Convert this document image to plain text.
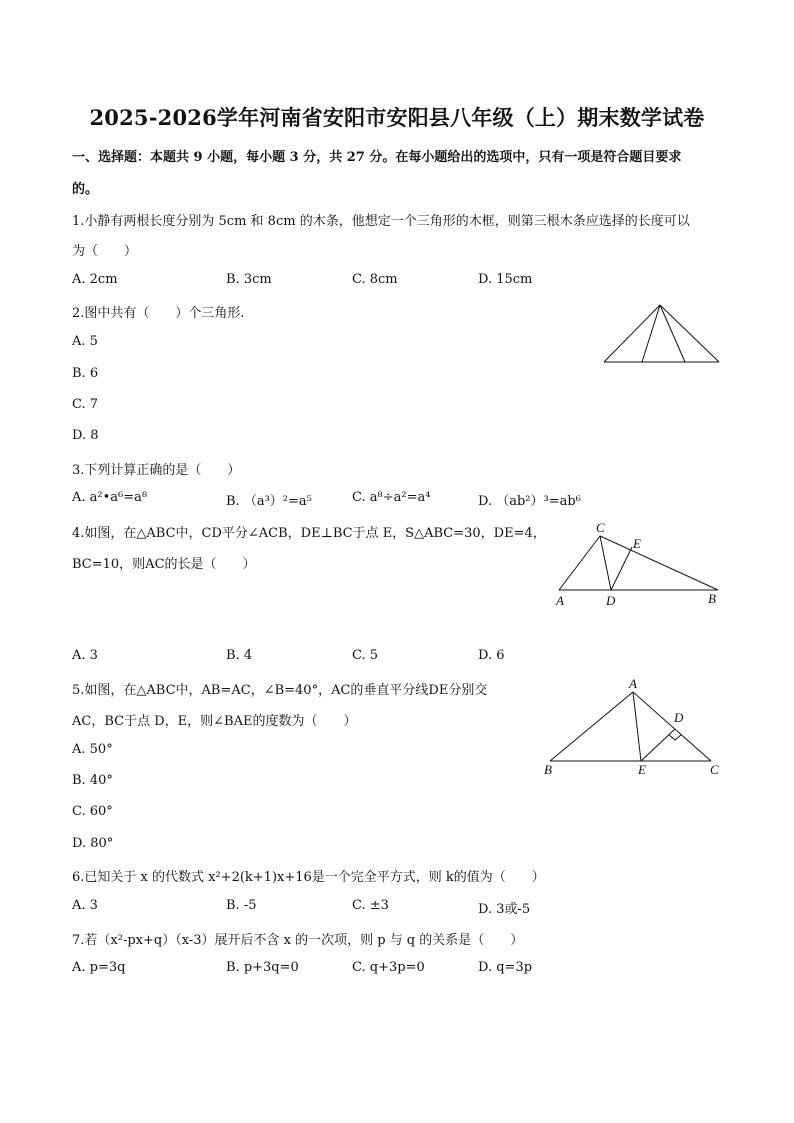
2025-2026学年河南省安阳市安阳县八年级（上）期末数学试卷
一、选择题：本题共 9 小题，每小题 3 分，共 27 分。在每小题给出的选项中，只有一项是符合题目要求
的。
1.小静有两根长度分别为 5cm 和 8cm 的木条，他想定一个三角形的木框，则第三根木条应选择的长度可以
为（　　）
A. 2cm	B. 3cm	C. 8cm	D. 15cm
2.图中共有（　　）个三角形.
A. 5
B. 6
C. 7
D. 8
3.下列计算正确的是（　　）
A. a²•a⁶=a⁸	B. （a³）²=a⁵	C. a⁸÷a²=a⁴	D. （ab²）³=ab⁶
4.如图，在△ABC中，CD平分∠ACB，DE⊥BC于点 E，S△ABC=30，DE=4，
BC=10，则AC的长是（　　）
C
E
A	D	B
A. 3	B. 4	C. 5	D. 6
5.如图，在△ABC中，AB=AC，∠B=40°，AC的垂直平分线DE分别交
AC，BC于点 D，E，则∠BAE的度数为（　　）
A. 50°
B. 40°
C. 60°
D. 80°
A
D
B	E	C
6.已知关于 x 的代数式 x²+2(k+1)x+16是一个完全平方式，则 k的值为（　　）
A. 3	B. -5	C. ±3	D. 3或-5
7.若（x²-px+q）（x-3）展开后不含 x 的一次项，则 p 与 q 的关系是（　　）
A. p=3q	B. p+3q=0	C. q+3p=0	D. q=3p
